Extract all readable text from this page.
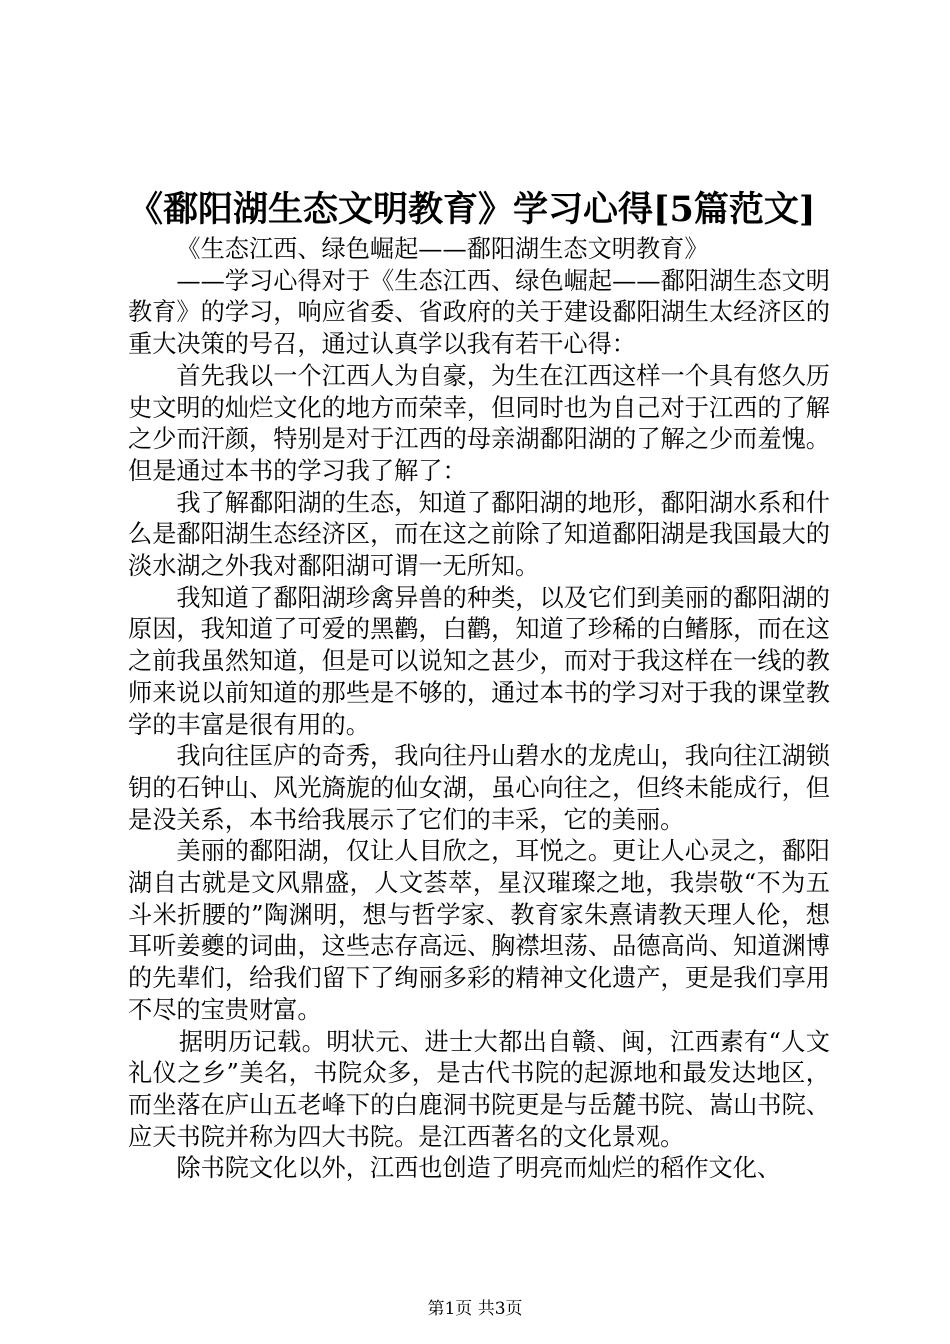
《鄱阳湖生态文明教育》学习心得[5篇范文]

《生态江西、绿色崛起——鄱阳湖生态文明教育》

——学习心得对于《生态江西、绿色崛起——鄱阳湖生态文明教育》的学习，响应省委、省政府的关于建设鄱阳湖生太经济区的重大决策的号召，通过认真学以我有若干心得：

首先我以一个江西人为自豪，为生在江西这样一个具有悠久历史文明的灿烂文化的地方而荣幸，但同时也为自己对于江西的了解之少而汗颜，特别是对于江西的母亲湖鄱阳湖的了解之少而羞愧。但是通过本书的学习我了解了：

我了解鄱阳湖的生态，知道了鄱阳湖的地形，鄱阳湖水系和什么是鄱阳湖生态经济区，而在这之前除了知道鄱阳湖是我国最大的淡水湖之外我对鄱阳湖可谓一无所知。

我知道了鄱阳湖珍禽异兽的种类，以及它们到美丽的鄱阳湖的原因，我知道了可爱的黑鹳，白鹳，知道了珍稀的白鳍豚，而在这之前我虽然知道，但是可以说知之甚少，而对于我这样在一线的教师来说以前知道的那些是不够的，通过本书的学习对于我的课堂教学的丰富是很有用的。

我向往匡庐的奇秀，我向往丹山碧水的龙虎山，我向往江湖锁钥的石钟山、风光旖旎的仙女湖，虽心向往之，但终未能成行，但是没关系，本书给我展示了它们的丰采，它的美丽。

美丽的鄱阳湖，仅让人目欣之，耳悦之。更让人心灵之，鄱阳湖自古就是文风鼎盛，人文荟萃，星汉璀璨之地，我崇敬“不为五斗米折腰的”陶渊明，想与哲学家、教育家朱熹请教天理人伦，想耳听姜夔的词曲，这些志存高远、胸襟坦荡、品德高尚、知道渊博的先辈们，给我们留下了绚丽多彩的精神文化遗产，更是我们享用不尽的宝贵财富。

据明历记载。明状元、进士大都出自赣、闽，江西素有“人文礼仪之乡”美名，书院众多，是古代书院的起源地和最发达地区，而坐落在庐山五老峰下的白鹿洞书院更是与岳麓书院、嵩山书院、应天书院并称为四大书院。是江西著名的文化景观。

除书院文化以外，江西也创造了明亮而灿烂的稻作文化、

第1页 共3页
